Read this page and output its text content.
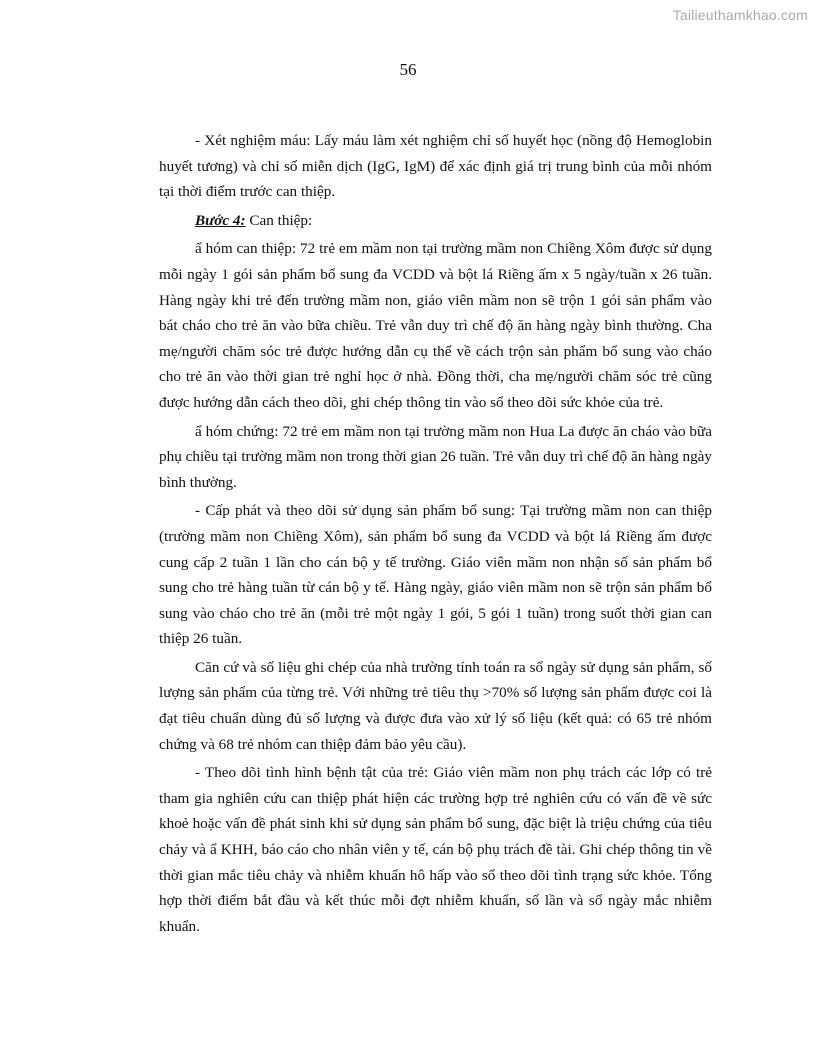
Tailieuthamkhao.com
56

- Xét nghiệm máu: Lấy máu làm xét nghiệm chỉ số huyết học (nồng độ Hemoglobin huyết tương) và chỉ số miễn dịch (IgG, IgM) để xác định giá trị trung bình của mỗi nhóm tại thời điểm trước can thiệp.

Bước 4: Can thiệp:

ẩ hóm can thiệp: 72 trẻ em mầm non tại trường mầm non Chiềng Xôm được sử dụng mỗi ngày 1 gói sản phẩm bổ sung đa VCDD và bột lá Riềng ấm x 5 ngày/tuần x 26 tuần. Hàng ngày khi trẻ đến trường mầm non, giáo viên mầm non sẽ trộn 1 gói sản phẩm vào bát cháo cho trẻ ăn vào bữa chiều. Trẻ vẫn duy trì chế độ ăn hàng ngày bình thường. Cha mẹ/người chăm sóc trẻ được hướng dẫn cụ thể về cách trộn sản phẩm bổ sung vào cháo cho trẻ ăn vào thời gian trẻ nghỉ học ở nhà. Đồng thời, cha mẹ/người chăm sóc trẻ cũng được hướng dẫn cách theo dõi, ghi chép thông tin vào sổ theo dõi sức khỏe của trẻ.

ẩ hóm chứng: 72 trẻ em mầm non tại trường mầm non Hua La được ăn cháo vào bữa phụ chiều tại trường mầm non trong thời gian 26 tuần. Trẻ vẫn duy trì chế độ ăn hàng ngày bình thường.

- Cấp phát và theo dõi sử dụng sản phẩm bổ sung: Tại trường mầm non can thiệp (trường mầm non Chiềng Xôm), sản phẩm bổ sung đa VCDD và bột lá Riềng ấm được cung cấp 2 tuần 1 lần cho cán bộ y tế trường. Giáo viên mầm non nhận số sản phẩm bổ sung cho trẻ hàng tuần từ cán bộ y tế. Hàng ngày, giáo viên mầm non sẽ trộn sản phẩm bổ sung vào cháo cho trẻ ăn (mỗi trẻ một ngày 1 gói, 5 gói 1 tuần) trong suốt thời gian can thiệp 26 tuần.

Căn cứ và số liệu ghi chép của nhà trường tính toán ra số ngày sử dụng sản phẩm, số lượng sản phẩm của từng trẻ. Với những trẻ tiêu thụ >70% số lượng sản phẩm được coi là đạt tiêu chuẩn dùng đủ số lượng và được đưa vào xử lý số liệu (kết quả: có 65 trẻ nhóm chứng và 68 trẻ nhóm can thiệp đảm bảo yêu cầu).

- Theo dõi tình hình bệnh tật của trẻ: Giáo viên mầm non phụ trách các lớp có trẻ tham gia nghiên cứu can thiệp phát hiện các trường hợp trẻ nghiên cứu có vấn đề về sức khoẻ hoặc vấn đề phát sinh khi sử dụng sản phẩm bổ sung, đặc biệt là triệu chứng của tiêu chảy và ẩ KHH, báo cáo cho nhân viên y tế, cán bộ phụ trách đề tài. Ghi chép thông tin về thời gian mắc tiêu chảy và nhiễm khuẩn hô hấp vào sổ theo dõi tình trạng sức khỏe. Tổng hợp thời điểm bắt đầu và kết thúc mỗi đợt nhiễm khuẩn, số lần và số ngày mắc nhiễm khuẩn.
